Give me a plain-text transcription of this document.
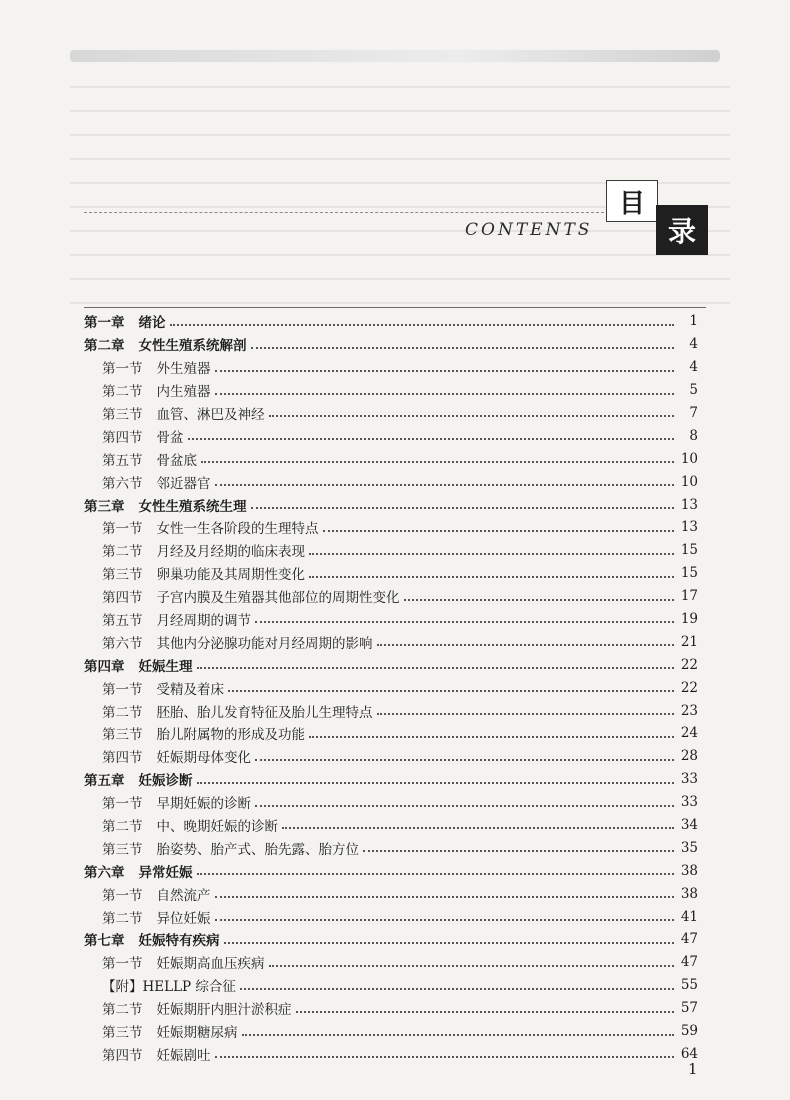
目
录
CONTENTS
第一章 绪论	1
第二章 女性生殖系统解剖	4
第一节 外生殖器	4
第二节 内生殖器	5
第三节 血管、淋巴及神经	7
第四节 骨盆	8
第五节 骨盆底	10
第六节 邻近器官	10
第三章 女性生殖系统生理	13
第一节 女性一生各阶段的生理特点	13
第二节 月经及月经期的临床表现	15
第三节 卵巢功能及其周期性变化	15
第四节 子宫内膜及生殖器其他部位的周期性变化	17
第五节 月经周期的调节	19
第六节 其他内分泌腺功能对月经周期的影响	21
第四章 妊娠生理	22
第一节 受精及着床	22
第二节 胚胎、胎儿发育特征及胎儿生理特点	23
第三节 胎儿附属物的形成及功能	24
第四节 妊娠期母体变化	28
第五章 妊娠诊断	33
第一节 早期妊娠的诊断	33
第二节 中、晚期妊娠的诊断	34
第三节 胎姿势、胎产式、胎先露、胎方位	35
第六章 异常妊娠	38
第一节 自然流产	38
第二节 异位妊娠	41
第七章 妊娠特有疾病	47
第一节 妊娠期高血压疾病	47
【附】 HELLP 综合征	55
第二节 妊娠期肝内胆汁淤积症	57
第三节 妊娠期糖尿病	59
第四节 妊娠剧吐	64
1
